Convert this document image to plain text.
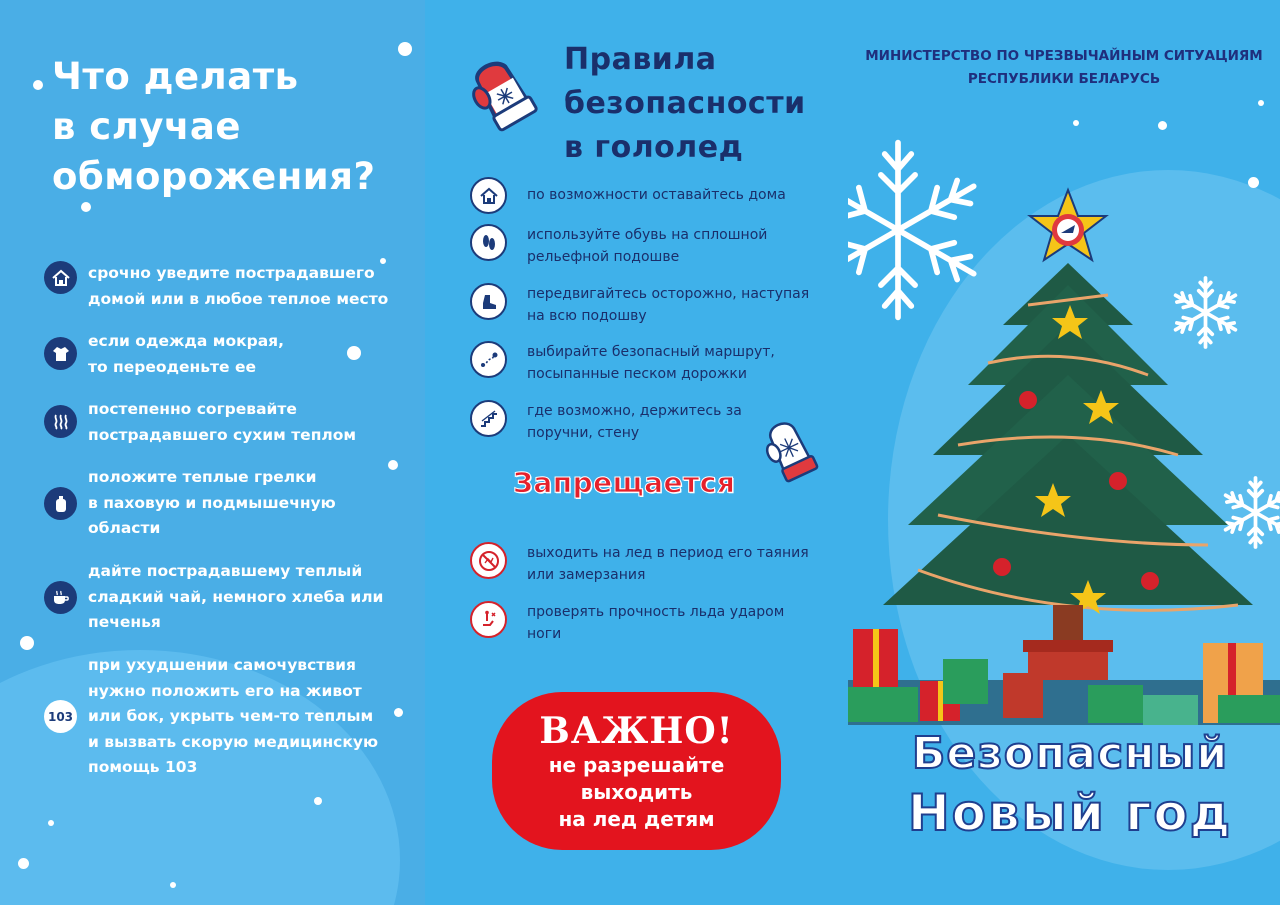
Что делать
в случае
обморожения?
срочно уведите пострадавшего
домой или в любое теплое место
если одежда мокрая,
то переоденьте ее
постепенно согревайте
пострадавшего сухим теплом
положите теплые грелки
в паховую и подмышечную
области
дайте пострадавшему теплый
сладкий чай, немного хлеба или
печенья
103
при ухудшении самочувствия
нужно положить его на живот
или бок, укрыть чем-то теплым
и вызвать скорую медицинскую
помощь 103
Правила
безопасности
в гололед
по возможности оставайтесь дома
используйте обувь на сплошной
рельефной подошве
передвигайтесь осторожно, наступая
на всю подошву
выбирайте безопасный маршрут,
посыпанные песком дорожки
где возможно, держитесь за
поручни, стену
Запрещается
выходить на лед в период его таяния
или замерзания
проверять прочность льда ударом
ноги
ВАЖНО!
не разрешайте
выходить
на лед детям
МИНИСТЕРСТВО ПО ЧРЕЗВЫЧАЙНЫМ СИТУАЦИЯМ
РЕСПУБЛИКИ БЕЛАРУСЬ
Безопасный
Новый год
